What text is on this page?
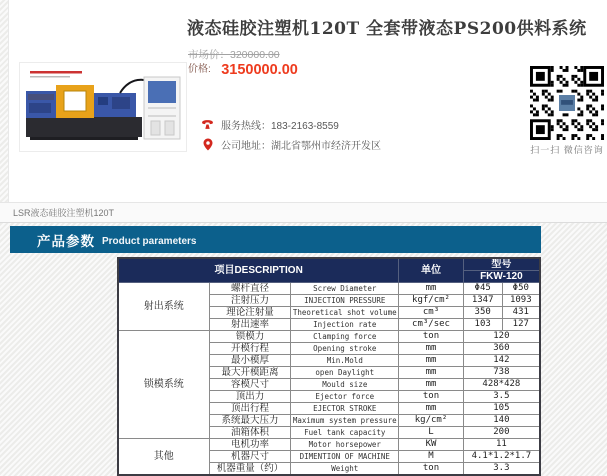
液态硅胶注塑机120T 全套带液态PS200供料系统
市场价：320000.00
价格: 3150000.00
服务热线：183-2163-8559
公司地址：湖北省鄂州市经济开发区	扫一扫 微信咨询
LSR液态硅胶注塑机120T
产品参数 Product parameters
项目DESCRIPTION			单位	型号	
				FKW-120	
射出系统	螺杆直径	Screw Diameter	mm	Φ45	Φ50
	注射压力	INJECTION PRESSURE	kgf/cm²	1347	1093
	理论注射量	Theoretical shot volume	cm³	350	431
	射出速率	Injection rate	cm³/sec	103	127
锁模系统	锁模力	Clamping force	ton	120	
	开模行程	Opening stroke	mm	360	
	最小模厚	Min.Mold	mm	142	
	最大开模距离	open Daylight	mm	738	
	容模尺寸	Mould size	mm	428*428	
	顶出力	Ejector force	ton	3.5	
	顶出行程	EJECTOR STROKE	mm	105	
	系统最大压力	Maximum system pressure	kg/cm²	140	
	油箱体积	Fuel tank capacity	L	200	
其他	电机功率	Motor horsepower	KW	11	
	机器尺寸	DIMENTION OF MACHINE	M	4.1*1.2*1.7	
	机器重量（约）	Weight	ton	3.3	
